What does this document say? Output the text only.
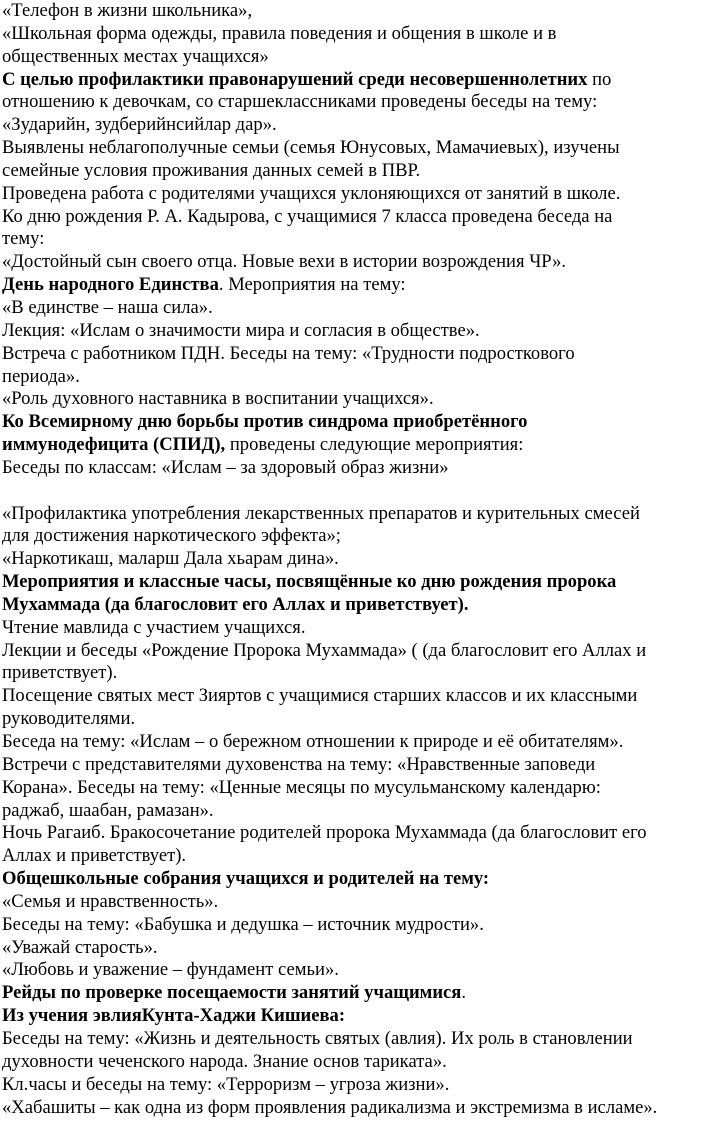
«Телефон в жизни школьника»,
«Школьная форма одежды, правила поведения и общения в школе и в
общественных местах учащихся»
С целью профилактики правонарушений среди несовершеннолетних по
отношению к девочкам, со старшеклассниками проведены беседы на тему:
«Зударийн, зудберийнсийлар дар».
Выявлены неблагополучные семьи (семья Юнусовых, Мамачиевых), изучены
семейные условия проживания данных семей в ПВР.
Проведена работа с родителями учащихся уклоняющихся от занятий в школе.
Ко дню рождения Р. А. Кадырова, с учащимися 7 класса проведена беседа на
тему:
«Достойный сын своего отца. Новые вехи в истории возрождения ЧР».
День народного Единства. Мероприятия на тему:
«В единстве – наша сила».
Лекция: «Ислам о значимости мира и согласия в обществе».
Встреча с работником ПДН. Беседы на тему: «Трудности подросткового
периода».
«Роль духовного наставника в воспитании учащихся».
Ко Всемирному дню борьбы против синдрома приобретённого
иммунодефицита (СПИД), проведены следующие мероприятия:
Беседы по классам: «Ислам – за здоровый образ жизни»
«Профилактика употребления лекарственных препаратов и курительных смесей
для достижения наркотического эффекта»;
«Наркотикаш, маларш Дала хьарам дина».
Мероприятия и классные часы, посвящённые ко дню рождения пророка
Мухаммада (да благословит его Аллах и приветствует).
Чтение мавлида с участием учащихся.
Лекции и беседы «Рождение Пророка Мухаммада» ( (да благословит его Аллах и
приветствует).
Посещение святых мест Зияртов с учащимися старших классов и их классными
руководителями.
Беседа на тему: «Ислам – о бережном отношении к природе и её обитателям».
Встречи с представителями духовенства на тему: «Нравственные заповеди
Корана». Беседы на тему: «Ценные месяцы по мусульманскому календарю:
раджаб, шаабан, рамазан».
Ночь Рагаиб. Бракосочетание родителей пророка Мухаммада (да благословит его
Аллах и приветствует).
Общешкольные собрания учащихся и родителей на тему:
«Семья и нравственность».
Беседы на тему: «Бабушка и дедушка – источник мудрости».
«Уважай старость».
«Любовь и уважение – фундамент семьи».
Рейды по проверке посещаемости занятий учащимися.
Из учения эвлияКунта-Хаджи Кишиева:
Беседы на тему: «Жизнь и деятельность святых (авлия). Их роль в становлении
духовности чеченского народа. Знание основ тариката».
Кл.часы и беседы на тему: «Терроризм – угроза жизни».
«Хабашиты – как одна из форм проявления радикализма и экстремизма в исламе».
